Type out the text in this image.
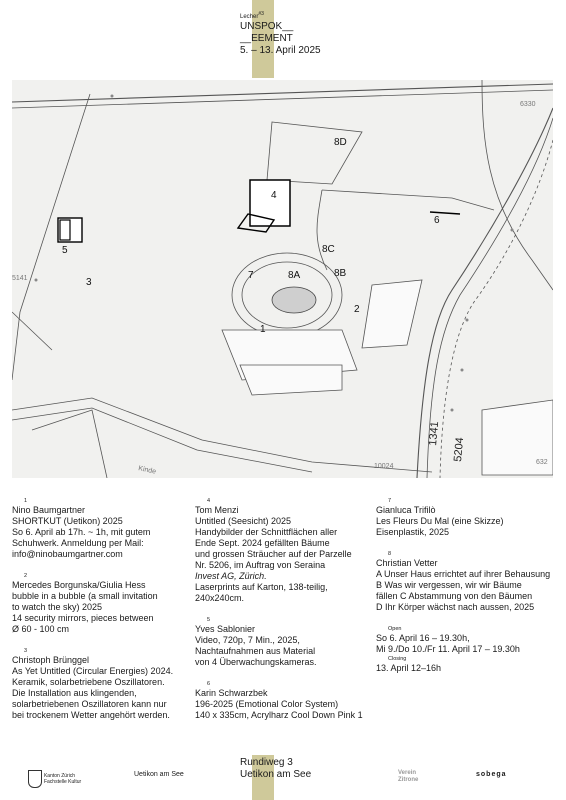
Lecher$^{\#3}$
UNSPOK__
__EEMENT
5. – 13. April 2025
4
5
3
6
7	8A	8B
8C
8D
2
1
6330
5141
10024
632
Kinde
1341
5204
1
Nino Baumgartner
SHORTKUT (Uetikon) 2025
So 6. April ab 17h. ~ 1h, mit gutem
Schuhwerk. Anmeldung per Mail:
info@ninobaumgartner.com
2
Mercedes Borgunska/Giulia Hess
bubble in a bubble (a small invitation
to watch the sky) 2025
14 security mirrors, pieces between
Ø 60 - 100 cm
3
Christoph Brünggel
As Yet Untitled (Circular Energies) 2024.
Keramik, solarbetriebene Oszillatoren.
Die Installation aus klingenden,
solarbetriebenen Oszillatoren kann nur
bei trockenem Wetter angehört werden.
4
Tom Menzi
Untitled (Seesicht) 2025
Handybilder der Schnittflächen aller
Ende Sept. 2024 gefällten Bäume
und grossen Sträucher auf der Parzelle
Nr. 5206, im Auftrag von Seraina
Invest AG, Zürich.
Laserprints auf Karton, 138-teilig,
240x240cm.
5
Yves Sablonier
Video, 720p, 7 Min., 2025,
Nachtaufnahmen aus Material
von 4 Überwachungskameras.
6
Karin Schwarzbek
196-2025 (Emotional Color System)
140 x 335cm, Acrylharz Cool Down Pink 1
7
Gianluca Trifilò
Les Fleurs Du Mal (eine Skizze)
Eisenplastik, 2025
8
Christian Vetter
A Unser Haus errichtet auf ihrer Behausung
B Was wir vergessen, wir wir Bäume
fällen C Abstammung von den Bäumen
D Ihr Körper wächst nach aussen, 2025
Open
So 6. April 16 – 19.30h,
Mi 9./Do 10./Fr 11. April 17 – 19.30h
Closing
13. April 12–16h
Rundiweg 3
Uetikon am See
Kanton Zürich Fachstelle Kultur
Uetikon am See	Verein Zitrone
sobega
